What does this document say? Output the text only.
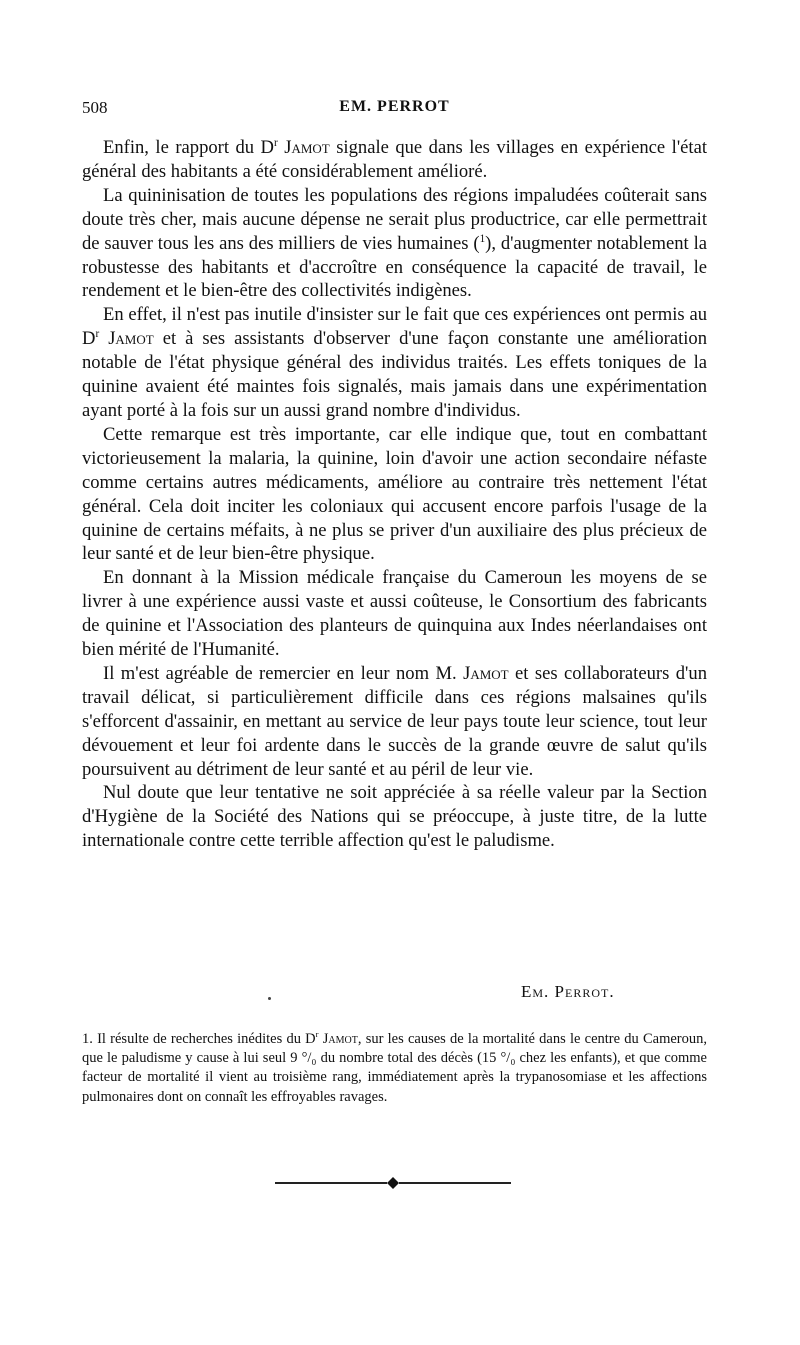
508	EM. PERROT

Enfin, le rapport du $D^r$ Jamot signale que dans les villages en expérience l'état général des habitants a été considérablement amélioré.

La quininisation de toutes les populations des régions impaludées coûterait sans doute très cher, mais aucune dépense ne serait plus productrice, car elle permettrait de sauver tous les ans des milliers de vies humaines ($^1$), d'augmenter notablement la robustesse des habitants et d'accroître en conséquence la capacité de travail, le rendement et le bien-être des collectivités indigènes.

En effet, il n'est pas inutile d'insister sur le fait que ces expériences ont permis au $D^r$ Jamot et à ses assistants d'observer d'une façon constante une amélioration notable de l'état physique général des individus traités. Les effets toniques de la quinine avaient été maintes fois signalés, mais jamais dans une expérimentation ayant porté à la fois sur un aussi grand nombre d'individus.

Cette remarque est très importante, car elle indique que, tout en combattant victorieusement la malaria, la quinine, loin d'avoir une action secondaire néfaste comme certains autres médicaments, améliore au contraire très nettement l'état général. Cela doit inciter les coloniaux qui accusent encore parfois l'usage de la quinine de certains méfaits, à ne plus se priver d'un auxiliaire des plus précieux de leur santé et de leur bien-être physique.

En donnant à la Mission médicale française du Cameroun les moyens de se livrer à une expérience aussi vaste et aussi coûteuse, le Consortium des fabricants de quinine et l'Association des planteurs de quinquina aux Indes néerlandaises ont bien mérité de l'Humanité.

Il m'est agréable de remercier en leur nom M. Jamot et ses collaborateurs d'un travail délicat, si particulièrement difficile dans ces régions malsaines qu'ils s'efforcent d'assainir, en mettant au service de leur pays toute leur science, tout leur dévouement et leur foi ardente dans le succès de la grande œuvre de salut qu'ils poursuivent au détriment de leur santé et au péril de leur vie.

Nul doute que leur tentative ne soit appréciée à sa réelle valeur par la Section d'Hygiène de la Société des Nations qui se préoccupe, à juste titre, de la lutte internationale contre cette terrible affection qu'est le paludisme.

Em. Perrot.

1. Il résulte de recherches inédites du $D^r$ Jamot, sur les causes de la mortalité dans le centre du Cameroun, que le paludisme y cause à lui seul 9 °/₀ du nombre total des décès (15 °/₀ chez les enfants), et que comme facteur de mortalité il vient au troisième rang, immédiatement après la trypanosomiase et les affections pulmonaires dont on connaît les effroyables ravages.
